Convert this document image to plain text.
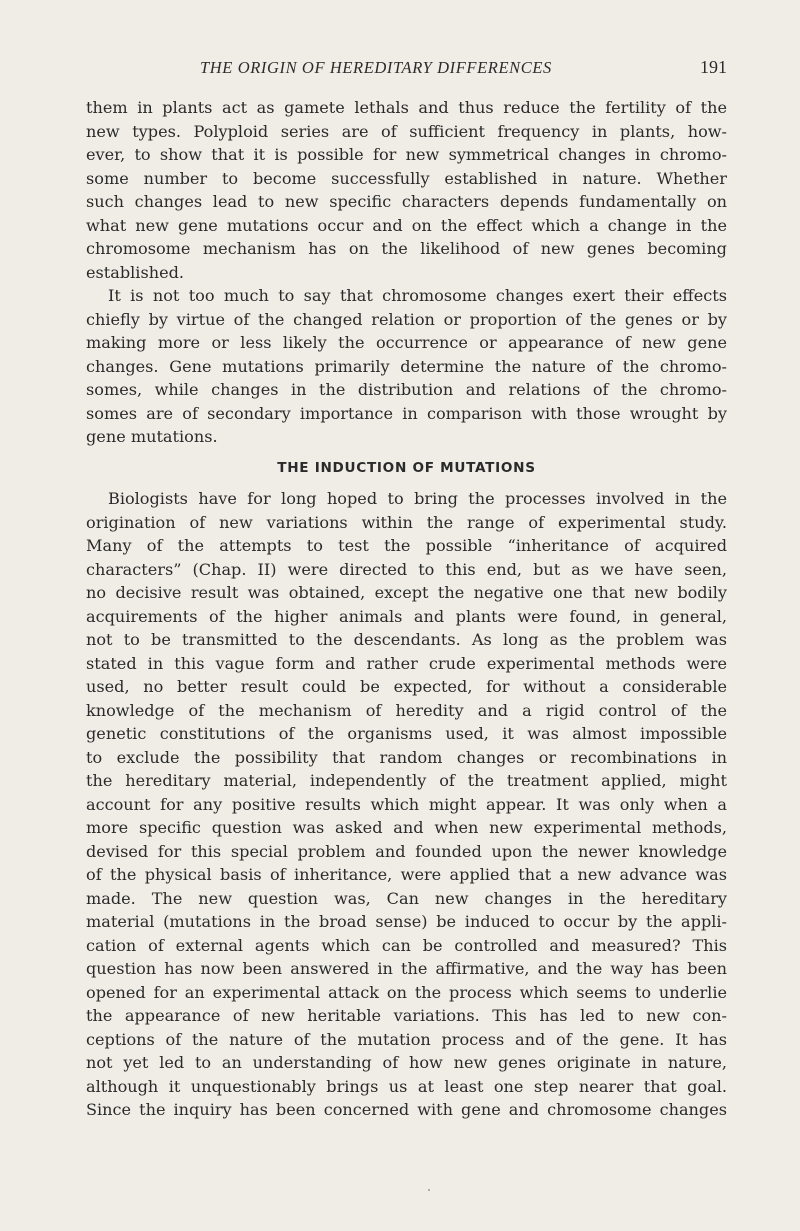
THE ORIGIN OF HEREDITARY DIFFERENCES	191
them in plants act as gamete lethals and thus reduce the fertility of the
new types. Polyploid series are of sufficient frequency in plants, how-
ever, to show that it is possible for new symmetrical changes in chromo-
some number to become successfully established in nature. Whether
such changes lead to new specific characters depends fundamentally on
what new gene mutations occur and on the effect which a change in the
chromosome mechanism has on the likelihood of new genes becoming
established.
It is not too much to say that chromosome changes exert their effects
chiefly by virtue of the changed relation or proportion of the genes or by
making more or less likely the occurrence or appearance of new gene
changes. Gene mutations primarily determine the nature of the chromo-
somes, while changes in the distribution and relations of the chromo-
somes are of secondary importance in comparison with those wrought by
gene mutations.
THE INDUCTION OF MUTATIONS
Biologists have for long hoped to bring the processes involved in the
origination of new variations within the range of experimental study.
Many of the attempts to test the possible “inheritance of acquired
characters” (Chap. II) were directed to this end, but as we have seen,
no decisive result was obtained, except the negative one that new bodily
acquirements of the higher animals and plants were found, in general,
not to be transmitted to the descendants. As long as the problem was
stated in this vague form and rather crude experimental methods were
used, no better result could be expected, for without a considerable
knowledge of the mechanism of heredity and a rigid control of the
genetic constitutions of the organisms used, it was almost impossible
to exclude the possibility that random changes or recombinations in
the hereditary material, independently of the treatment applied, might
account for any positive results which might appear. It was only when a
more specific question was asked and when new experimental methods,
devised for this special problem and founded upon the newer knowledge
of the physical basis of inheritance, were applied that a new advance was
made. The new question was, Can new changes in the hereditary
material (mutations in the broad sense) be induced to occur by the appli-
cation of external agents which can be controlled and measured? This
question has now been answered in the affirmative, and the way has been
opened for an experimental attack on the process which seems to underlie
the appearance of new heritable variations. This has led to new con-
ceptions of the nature of the mutation process and of the gene. It has
not yet led to an understanding of how new genes originate in nature,
although it unquestionably brings us at least one step nearer that goal.
Since the inquiry has been concerned with gene and chromosome changes
